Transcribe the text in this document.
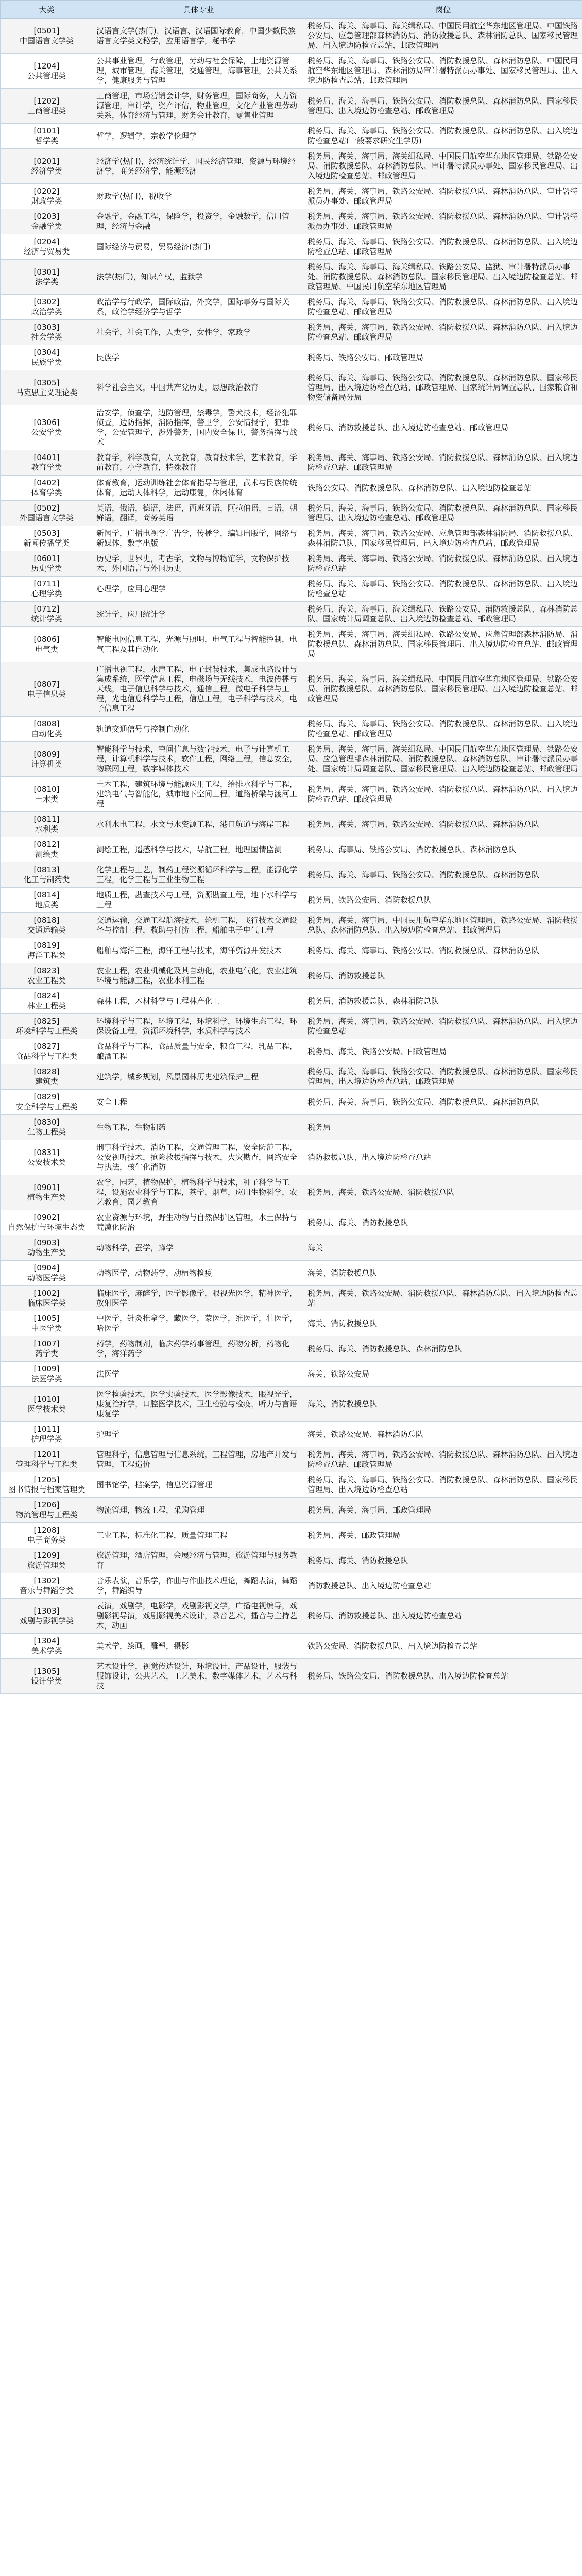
大类	具体专业	岗位

[0501]
中国语言文学类	汉语言文学(热门)，汉语言、汉语国际教育，中国少数民族语言文学类文秘学，应用语言学，秘书学	税务局、海关、海事局、海关缉私局、中国民用航空华东地区管理局、中国铁路公安局、应急管理部森林消防局、消防救援总队、森林消防总队、国家移民管理局、出入境边防检查总站、邮政管理局

[1204]
公共管理类	公共事业管理，行政管理，劳动与社会保障，土地资源管理，城市管理，海关管理，交通管理，海事管理，公共关系学，健康服务与管理	税务局、海关、海事局、铁路公安局、消防救援总队、森林消防总队、中国民用航空华东地区管理局、森林消防局审计署特派员办事处、国家移民管理局、出入境边防检查总站、邮政管理局

[1202]
工商管理类	工商管理，市场营销会计学，财务管理，国际商务，人力资源管理，审计学，资产评估，物业管理，文化产业管理劳动关系，体育经济与管理，财务会计教育，零售业管理	税务局、海关、海事局、铁路公安局、消防救援总队、森林消防总队、国家移民管理局、出入境边防检查总站、邮政管理局

[0101]
哲学类	哲学，逻辑学，宗教学伦理学	税务局、海关、海事局、铁路公安局、消防救援总队、森林消防总队、出入境边防检查总站(一般要求研究生学历)

[0201]
经济学类	经济学(热门)，经济统计学，国民经济管理，资源与环境经济学，商务经济学，能源经济	税务局、海关、海事局、海关缉私局、中国民用航空华东地区管理局、铁路公安局、消防救援总队、森林消防总队、审计署特派员办事处、国家移民管理局、出入境边防检查总站、邮政管理局

[0202]
财政学类	财政学(热门)，税收学	税务局、海关、海事局、铁路公安局、消防救援总队、森林消防总队、审计署特派员办事处、邮政管理局

[0203]
金融学类	金融学，金融工程，保险学，投资学，金融数学，信用管理，经济与金融	税务局、海关、海事局、铁路公安局、消防救援总队、森林消防总队、审计署特派员办事处、邮政管理局

[0204]
经济与贸易类	国际经济与贸易，贸易经济(热门)	税务局、海关、海事局、铁路公安局、消防救援总队、森林消防总队、出入境边防检查总站、邮政管理局

[0301]
法学类	法学(热门)，知识产权，监狱学	税务局、海关、海事局、海关缉私局、铁路公安局、监狱、审计署特派员办事处、消防救援总队、森林消防总队、国家移民管理局、出入境边防检查总站、邮政管理局、中国民用航空华东地区管理局

[0302]
政治学类	政治学与行政学，国际政治，外交学，国际事务与国际关系，政治学经济学与哲学	税务局、海关、海事局、铁路公安局、消防救援总队、森林消防总队、出入境边防检查总站、邮政管理局

[0303]
社会学类	社会学，社会工作，人类学，女性学，家政学	税务局、海关、海事局、铁路公安局、消防救援总队、森林消防总队、出入境边防检查总站、邮政管理局

[0304]
民族学类	民族学	税务局、铁路公安局、邮政管理局

[0305]
马克思主义理论类	科学社会主义，中国共产党历史，思想政治教育	税务局、海关、海事局、铁路公安局、消防救援总队、森林消防总队、国家移民管理局、出入境边防检查总站、邮政管理局、国家统计局调查总队、国家粮食和物资储备局分局

[0306]
公安学类	治安学，侦查学，边防管理，禁毒学，警犬技术，经济犯罪侦查，边防指挥，消防指挥，警卫学，公安情报学，犯罪学，公安管理学，涉外警务，国内安全保卫，警务指挥与战术	税务局、消防救援总队、出入境边防检查总站、邮政管理局

[0401]
教育学类	教育学，科学教育，人文教育，教育技术学，艺术教育，学前教育，小学教育，特殊教育	税务局、海关、海事局、铁路公安局、消防救援总队、森林消防总队、出入境边防检查总站、邮政管理局

[0402]
体育学类	体育教育，运动训练社会体育指导与管理，武术与民族传统体育，运动人体科学，运动康复，休闲体育	铁路公安局、消防救援总队、森林消防总队、出入境边防检查总站

[0502]
外国语言文学类	英语，俄语，德语，法语，西班牙语，阿拉伯语，日语，朝鲜语，翻译，商务英语	税务局、海关、海事局、铁路公安局、消防救援总队、森林消防总队、国家移民管理局、出入境边防检查总站、邮政管理局

[0503]
新闻传播学类	新闻学，广播电视学广告学，传播学，编辑出版学，网络与新媒体，数字出版	税务局、海关、海事局、铁路公安局、应急管理部森林消防局、消防救援总队、森林消防总队、国家移民管理局、出入境边防检查总站、邮政管理局

[0601]
历史学类	历史学，世界史，考古学，文物与博物馆学，文物保护技术，外国语言与外国历史	税务局、海关、海事局、铁路公安局、消防救援总队、森林消防总队、出入境边防检查总站

[0711]
心理学类	心理学，应用心理学	税务局、海关、海事局、铁路公安局、消防救援总队、森林消防总队、出入境边防检查总站

[0712]
统计学类	统计学，应用统计学	税务局、海关、海事局、海关缉私局、铁路公安局、消防救援总队、森林消防总队、国家统计局调查总队、出入境边防检查总站、邮政管理局

[0806]
电气类	智能电网信息工程，光源与照明，电气工程与智能控制，电气工程及其自动化	税务局、海关、海事局、海关缉私局、铁路公安局、应急管理部森林消防局、消防救援总队、森林消防总队、国家移民管理局、出入境边防检查总站、邮政管理局

[0807]
电子信息类	广播电视工程，水声工程，电子封装技术，集成电路设计与集成系统，医学信息工程，电磁场与无线技术，电波传播与天线，电子信息科学与技术，通信工程，微电子科学与工程，光电信息科学与工程，信息工程，电子科学与技术，电子信息工程	税务局、海关、海事局、海关缉私局、中国民用航空华东地区管理局、铁路公安局、消防救援总队、森林消防总队、国家移民管理局、出入境边防检查总站、邮政管理局

[0808]
自动化类	轨道交通信号与控制自动化	税务局、海关、海事局、铁路公安局、消防救援总队、森林消防总队、出入境边防检查总站、邮政管理局

[0809]
计算机类	智能科学与技术，空间信息与数字技术，电子与计算机工程，计算机科学与技术，软件工程，网络工程，信息安全，物联网工程，数字媒体技术	税务局、海关、海事局、海关缉私局、中国民用航空华东地区管理局、铁路公安局、应急管理部森林消防局、消防救援总队、森林消防总队、审计署特派员办事处、国家统计局调查总队、国家移民管理局、出入境边防检查总站、邮政管理局

[0810]
土木类	土木工程，建筑环境与能源应用工程，给排水科学与工程，建筑电气与智能化，城市地下空间工程，道路桥梁与渡河工程	税务局、海关、海事局、铁路公安局、消防救援总队、森林消防总队、出入境边防检查总站、邮政管理局

[0811]
水利类	水利水电工程，水文与水资源工程，港口航道与海岸工程	税务局、海关、海事局、铁路公安局、消防救援总队、森林消防总队

[0812]
测绘类	测绘工程，遥感科学与技术，导航工程，地理国情监测	税务局、海事局、铁路公安局、消防救援总队、森林消防总队

[0813]
化工与制药类	化学工程与工艺，制药工程资源循环科学与工程，能源化学工程，化学工程与工业生物工程	税务局、海关、海事局、铁路公安局、消防救援总队、森林消防总队

[0814]
地质类	地质工程，勘查技术与工程，资源勘查工程，地下水科学与工程	税务局、铁路公安局、消防救援总队

[0818]
交通运输类	交通运输，交通工程航海技术，轮机工程，飞行技术交通设备与控制工程，救助与打捞工程，船舶电子电气工程	税务局、海关、海事局、中国民用航空华东地区管理局、铁路公安局、消防救援总队、森林消防总队、出入境边防检查总站、邮政管理局

[0819]
海洋工程类	船舶与海洋工程，海洋工程与技术，海洋资源开发技术	税务局、海关、海事局、铁路公安局、消防救援总队、森林消防总队

[0823]
农业工程类	农业工程，农业机械化及其自动化，农业电气化，农业建筑环境与能源工程，农业水利工程	税务局、消防救援总队

[0824]
林业工程类	森林工程，木材科学与工程林产化工	税务局、消防救援总队、森林消防总队

[0825]
环境科学与工程类	环境科学与工程，环境工程，环境科学，环境生态工程，环保设备工程，资源环境科学，水质科学与技术	税务局、海关、海事局、铁路公安局、消防救援总队、森林消防总队、出入境边防检查总站

[0827]
食品科学与工程类	食品科学与工程，食品质量与安全，粮食工程，乳品工程，酿酒工程	税务局、海关、铁路公安局、邮政管理局

[0828]
建筑类	建筑学，城乡规划，风景园林历史建筑保护工程	税务局、海关、海事局、铁路公安局、消防救援总队、森林消防总队、国家移民管理局、出入境边防检查总站、邮政管理局

[0829]
安全科学与工程类	安全工程	税务局、海关、海事局、铁路公安局、消防救援总队、森林消防总队

[0830]
生物工程类	生物工程，生物制药	税务局

[0831]
公安技术类	刑事科学技术，消防工程，交通管理工程，安全防范工程，公安视听技术，抢险救援指挥与技术，火灾勘查，网络安全与执法，核生化消防	消防救援总队、出入境边防检查总站

[0901]
植物生产类	农学，园艺，植物保护，植物科学与技术，种子科学与工程，设施农业科学与工程，茶学，烟草，应用生物科学，农艺教育，园艺教育	税务局、海关、铁路公安局、消防救援总队

[0902]
自然保护与环境生态类	农业资源与环境，野生动物与自然保护区管理，水土保持与荒漠化防治	税务局、海关、消防救援总队

[0903]
动物生产类	动物科学，蚕学，蜂学	海关

[0904]
动物医学类	动物医学，动物药学，动植物检疫	海关、消防救援总队

[1002]
临床医学类	临床医学，麻醉学，医学影像学，眼视光医学，精神医学，放射医学	税务局、海关、铁路公安局、消防救援总队、森林消防总队、出入境边防检查总站

[1005]
中医学类	中医学，针灸推拿学，藏医学，蒙医学，维医学，壮医学，哈医学	海关、消防救援总队

[1007]
药学类	药学，药物制剂，临床药学药事管理，药物分析，药物化学，海洋药学	税务局、海关、消防救援总队、森林消防总队

[1009]
法医学类	法医学	海关、铁路公安局

[1010]
医学技术类	医学检验技术，医学实验技术，医学影像技术，眼视光学，康复治疗学，口腔医学技术，卫生检验与检疫，听力与言语康复学	海关、消防救援总队

[1011]
护理学类	护理学	海关、铁路公安局、森林消防总队

[1201]
管理科学与工程类	管理科学，信息管理与信息系统，工程管理，房地产开发与管理，工程造价	税务局、海关、海事局、铁路公安局、消防救援总队、森林消防总队、出入境边防检查总站、邮政管理局

[1205]
图书情报与档案管理类	图书馆学，档案学，信息资源管理	税务局、海关、海事局、铁路公安局、消防救援总队、森林消防总队、国家移民管理局、出入境边防检查总站

[1206]
物流管理与工程类	物流管理，物流工程，采购管理	税务局、海关、海事局、邮政管理局

[1208]
电子商务类	工业工程，标准化工程，质量管理工程	税务局、海关、邮政管理局

[1209]
旅游管理类	旅游管理，酒店管理，会展经济与管理，旅游管理与服务教育	税务局、海关、消防救援总队

[1302]
音乐与舞蹈学类	音乐表演，音乐学，作曲与作曲技术理论，舞蹈表演，舞蹈学，舞蹈编导	消防救援总队、出入境边防检查总站

[1303]
戏剧与影视学类	表演，戏剧学，电影学，戏剧影视文学，广播电视编导，戏剧影视导演，戏剧影视美术设计，录音艺术，播音与主持艺术，动画	税务局、消防救援总队、出入境边防检查总站

[1304]
美术学类	美术学，绘画，雕塑，摄影	铁路公安局、消防救援总队、出入境边防检查总站

[1305]
设计学类	艺术设计学，视觉传达设计，环境设计，产品设计，服装与服饰设计，公共艺术，工艺美术，数字媒体艺术，艺术与科技	税务局、铁路公安局、消防救援总队、出入境边防检查总站
